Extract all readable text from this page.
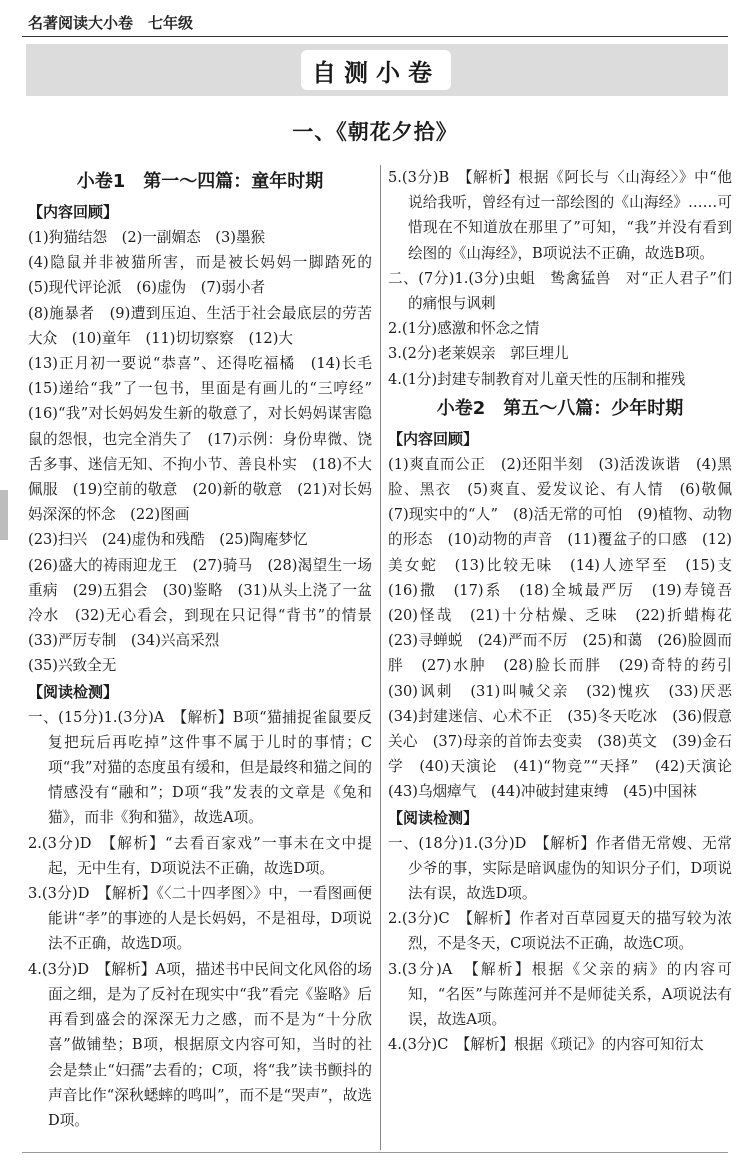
名著阅读大小卷　七年级
自测小卷
一、《朝花夕拾》
小卷1　第一～四篇：童年时期
【内容回顾】

(1)狗猫结怨　(2)一副媚态　(3)墨猴

(4)隐鼠并非被猫所害，而是被长妈妈一脚踏死的　(5)现代评论派　(6)虚伪　(7)弱小者

(8)施暴者　(9)遭到压迫、生活于社会最底层的劳苦大众　(10)童年　(11)切切察察　(12)大

(13)正月初一要说“恭喜”、还得吃福橘　(14)长毛　(15)递给“我”了一包书，里面是有画儿的“三哼经”　(16)“我”对长妈妈发生新的敬意了，对长妈妈谋害隐鼠的怨恨，也完全消失了　(17)示例：身份卑微、饶舌多事、迷信无知、不拘小节、善良朴实　(18)不大佩服　(19)空前的敬意　(20)新的敬意　(21)对长妈妈深深的怀念　(22)图画

(23)扫兴　(24)虚伪和残酷　(25)陶庵梦忆

(26)盛大的祷雨迎龙王　(27)骑马　(28)渴望生一场重病　(29)五猖会　(30)鉴略　(31)从头上浇了一盆冷水　(32)无心看会，到现在只记得“背书”的情景　(33)严厉专制　(34)兴高采烈

(35)兴致全无

【阅读检测】

一、(15分)1.(3分)A　【解析】B项“猫捕捉雀鼠要反复把玩后再吃掉”这件事不属于儿时的事情；C项“我”对猫的态度虽有缓和，但是最终和猫之间的情感没有“融和”；D项“我”发表的文章是《兔和猫》，而非《狗和猫》，故选A项。

2.(3分)D　【解析】“去看百家戏”一事未在文中提起，无中生有，D项说法不正确，故选D项。

3.(3分)D　【解析】《〈二十四孝图〉》中，一看图画便能讲“孝”的事迹的人是长妈妈，不是祖母，D项说法不正确，故选D项。

4.(3分)D　【解析】A项，描述书中民间文化风俗的场面之细，是为了反衬在现实中“我”看完《鉴略》后再看到盛会的深深无力之感，而不是为“十分欣喜”做铺垫；B项，根据原文内容可知，当时的社会是禁止“妇孺”去看的；C项，将“我”读书颤抖的声音比作“深秋蟋蟀的鸣叫”，而不是“哭声”，故选D项。

5.(3分)B　【解析】根据《阿长与〈山海经〉》中“他说给我听，曾经有过一部绘图的《山海经》……可惜现在不知道放在那里了”可知，“我”并没有看到绘图的《山海经》，B项说法不正确，故选B项。

二、(7分)1.(3分)虫蛆　鸷禽猛兽　对“正人君子”们的痛恨与讽刺

2.(1分)感激和怀念之情

3.(2分)老莱娱亲　郭巨埋儿

4.(1分)封建专制教育对儿童天性的压制和摧残

小卷2　第五～八篇：少年时期
【内容回顾】

(1)爽直而公正　(2)还阳半刻　(3)活泼诙谐　(4)黑脸、黑衣　(5)爽直、爱发议论、有人情　(6)敬佩　(7)现实中的“人”　(8)活无常的可怕　(9)植物、动物的形态　(10)动物的声音　(11)覆盆子的口感　(12)美女蛇　(13)比较无味　(14)人迹罕至　(15)支　(16)撒　(17)系　(18)全城最严厉　(19)寿镜吾　(20)怪哉　(21)十分枯燥、乏味　(22)折蜡梅花　(23)寻蝉蜕　(24)严而不厉　(25)和蔼　(26)脸圆而胖　(27)水肿　(28)脸长而胖　(29)奇特的药引　(30)讽刺　(31)叫喊父亲　(32)愧疚　(33)厌恶　(34)封建迷信、心术不正　(35)冬天吃冰　(36)假意关心　(37)母亲的首饰去变卖　(38)英文　(39)金石学　(40)天演论　(41)“物竞”“天择”　(42)天演论　(43)乌烟瘴气　(44)冲破封建束缚　(45)中国袜

【阅读检测】

一、(18分)1.(3分)D　【解析】作者借无常嫂、无常少爷的事，实际是暗讽虚伪的知识分子们，D项说法有误，故选D项。

2.(3分)C　【解析】作者对百草园夏天的描写较为浓烈，不是冬天，C项说法不正确，故选C项。

3.(3分)A　【解析】根据《父亲的病》的内容可知，“名医”与陈莲河并不是师徒关系，A项说法有误，故选A项。

4.(3分)C　【解析】根据《琐记》的内容可知衍太
